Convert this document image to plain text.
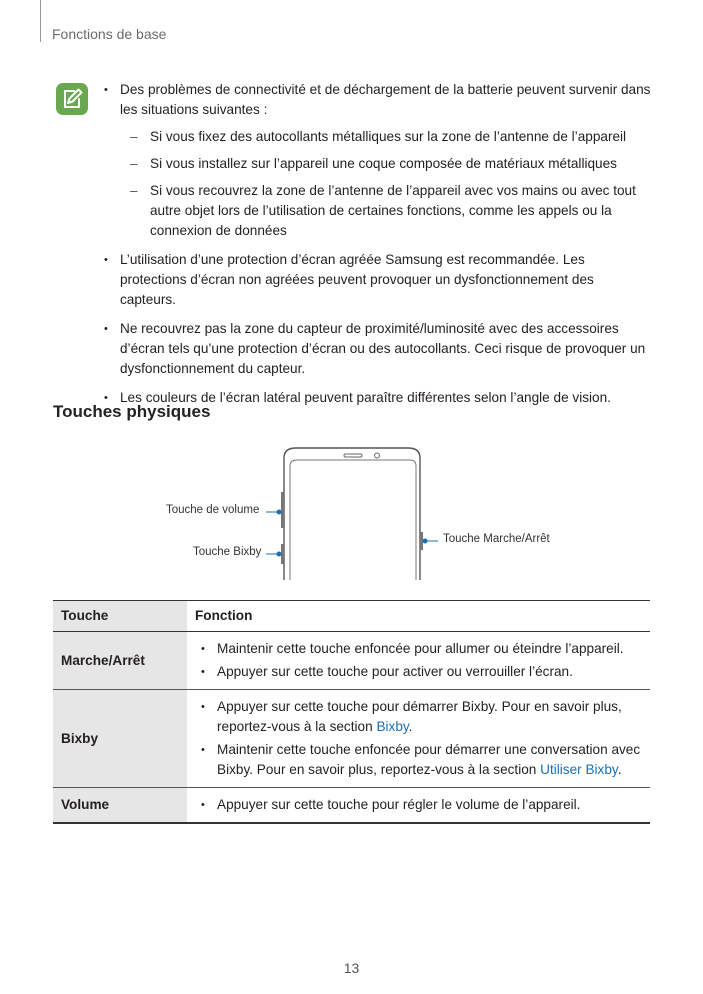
Fonctions de base
• Des problèmes de connectivité et de déchargement de la batterie peuvent survenir dans les situations suivantes :
– Si vous fixez des autocollants métalliques sur la zone de l’antenne de l’appareil
– Si vous installez sur l’appareil une coque composée de matériaux métalliques
– Si vous recouvrez la zone de l’antenne de l’appareil avec vos mains ou avec tout autre objet lors de l’utilisation de certaines fonctions, comme les appels ou la connexion de données
• L’utilisation d’une protection d’écran agréée Samsung est recommandée. Les protections d’écran non agréées peuvent provoquer un dysfonctionnement des capteurs.
• Ne recouvrez pas la zone du capteur de proximité/luminosité avec des accessoires d’écran tels qu’une protection d’écran ou des autocollants. Ceci risque de provoquer un dysfonctionnement du capteur.
• Les couleurs de l’écran latéral peuvent paraître différentes selon l’angle de vision.
Touches physiques
Touche de volume
Touche Bixby
Touche Marche/Arrêt
Touche	Fonction
Marche/Arrêt	• Maintenir cette touche enfoncée pour allumer ou éteindre l’appareil.
• Appuyer sur cette touche pour activer ou verrouiller l’écran.

Bixby	• Appuyer sur cette touche pour démarrer Bixby. Pour en savoir plus, reportez-vous à la section Bixby.
• Maintenir cette touche enfoncée pour démarrer une conversation avec Bixby. Pour en savoir plus, reportez-vous à la section Utiliser Bixby.

Volume	• Appuyer sur cette touche pour régler le volume de l’appareil.
13
